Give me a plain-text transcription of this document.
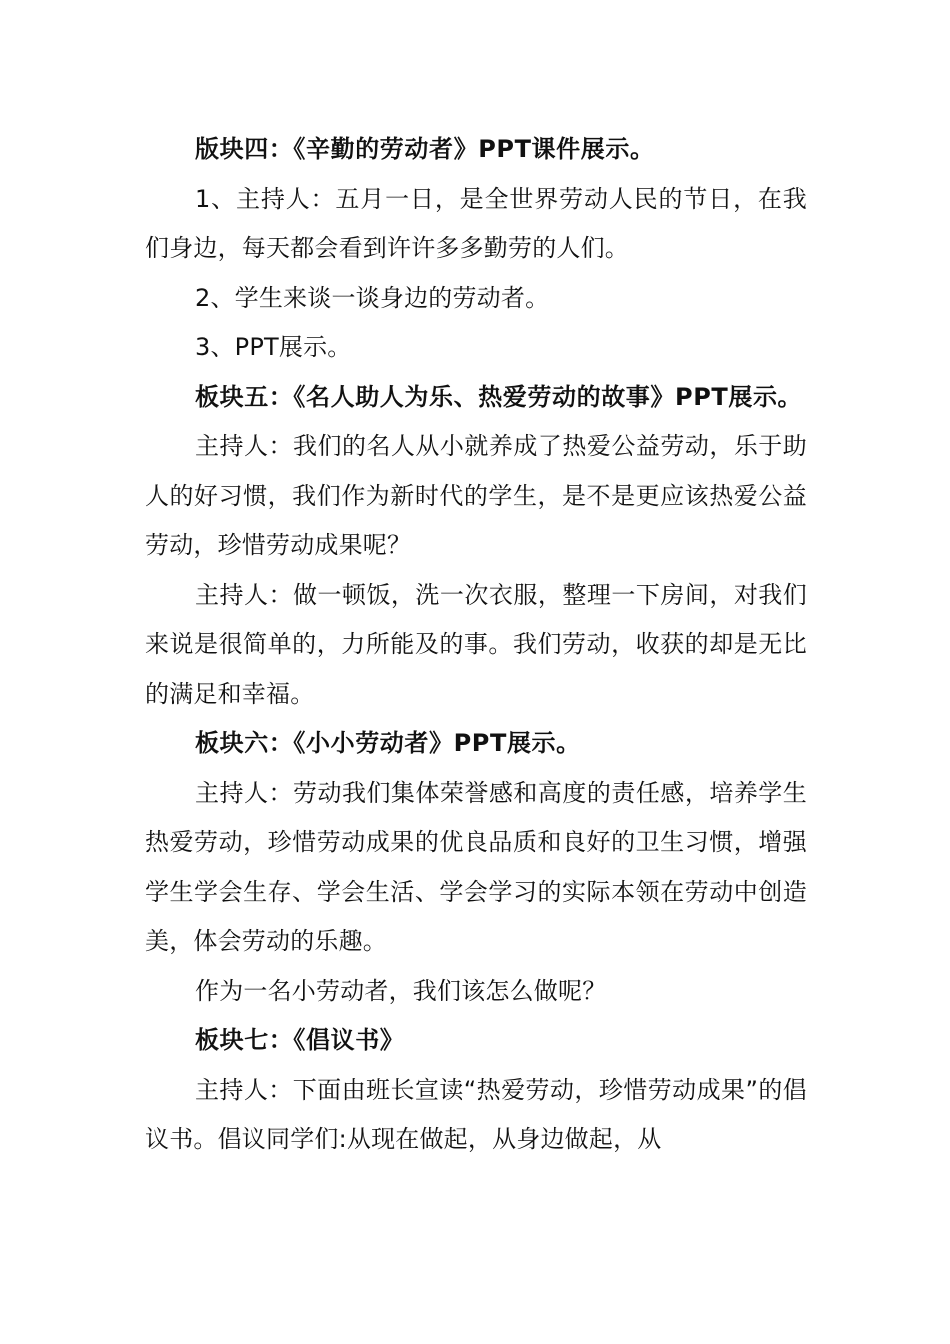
版块四：《辛勤的劳动者》PPT课件展示。

1、主持人：五月一日，是全世界劳动人民的节日，在我们身边，每天都会看到许许多多勤劳的人们。

2、学生来谈一谈身边的劳动者。

3、PPT展示。

板块五：《名人助人为乐、热爱劳动的故事》PPT展示。

主持人：我们的名人从小就养成了热爱公益劳动，乐于助人的好习惯，我们作为新时代的学生，是不是更应该热爱公益劳动，珍惜劳动成果呢？

主持人：做一顿饭，洗一次衣服，整理一下房间，对我们来说是很简单的，力所能及的事。我们劳动，收获的却是无比的满足和幸福。

板块六：《小小劳动者》PPT展示。

主持人：劳动我们集体荣誉感和高度的责任感，培养学生热爱劳动，珍惜劳动成果的优良品质和良好的卫生习惯，增强学生学会生存、学会生活、学会学习的实际本领在劳动中创造美，体会劳动的乐趣。

作为一名小劳动者，我们该怎么做呢？

板块七：《倡议书》

主持人：下面由班长宣读“热爱劳动，珍惜劳动成果”的倡议书。倡议同学们:从现在做起，从身边做起，从
